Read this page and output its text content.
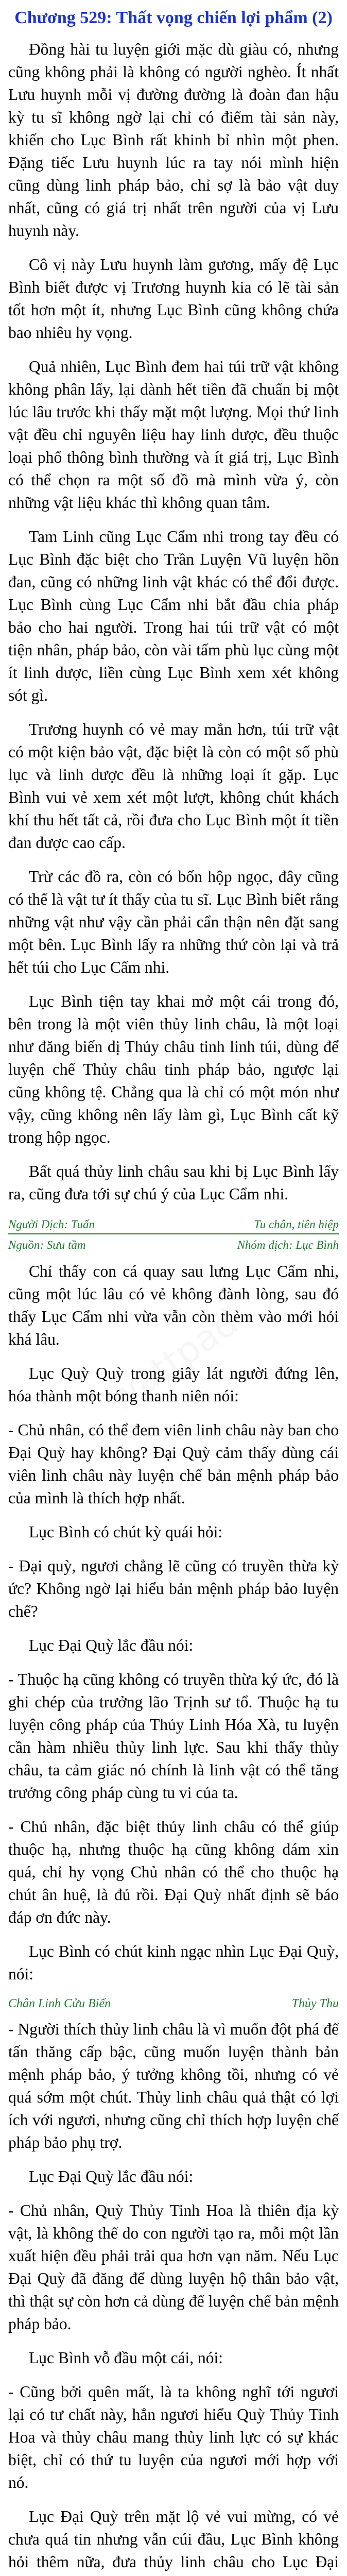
Chương 529: Thất vọng chiến lợi phẩm (2)

Đồng hài tu luyện giới mặc dù giàu có, nhưng cũng không phải là không có người nghèo. Ít nhất Lưu huynh mỗi vị đường đường là đoàn đan hậu kỳ tu sĩ không ngờ lại chỉ có điểm tài sản này, khiến cho Lục Bình rất khinh bỉ nhìn một phen. Đặng tiếc Lưu huynh lúc ra tay nói mình hiện cũng dùng linh pháp bảo, chỉ sợ là bảo vật duy nhất, cũng có giá trị nhất trên người của vị Lưu huynh này.

Cô vị này Lưu huynh làm gương, mấy đệ Lục Bình biết được vị Trương huynh kia có lẽ tài sản tốt hơn một ít, nhưng Lục Bình cũng không chứa bao nhiêu hy vọng.

Quả nhiên, Lục Bình đem hai túi trữ vật không không phân lấy, lại dành hết tiền đã chuẩn bị một lúc lâu trước khi thấy mặt một lượng. Mọi thứ linh vật đều chỉ nguyên liệu hay linh dược, đều thuộc loại phổ thông bình thường và ít giá trị, Lục Bình có thể chọn ra một số đồ mà mình vừa ý, còn những vật liệu khác thì không quan tâm.

Tam Linh cũng Lục Cẩm nhi trong tay đều có Lục Bình đặc biệt cho Trần Luyện Vũ luyện hồn đan, cũng có những linh vật khác có thể đổi được. Lục Bình cùng Lục Cẩm nhi bắt đầu chia pháp bảo cho hai người. Trong hai túi trữ vật có một tiện nhân, pháp bảo, còn vài tấm phù lục cùng một ít linh dược, liền cùng Lục Bình xem xét không sót gì.

Trương huynh có vẻ may mắn hơn, túi trữ vật có một kiện bảo vật, đặc biệt là còn có một số phù lục và linh dược đều là những loại ít gặp. Lục Bình vui vẻ xem xét một lượt, không chút khách khí thu hết tất cả, rồi đưa cho Lục Bình một ít tiền đan dược cao cấp.

Trừ các đồ ra, còn có bốn hộp ngọc, đây cũng có thể là vật tư ít thấy của tu sĩ. Lục Bình biết rằng những vật như vậy cần phải cẩn thận nên đặt sang một bên. Lục Bình lấy ra những thứ còn lại và trả hết túi cho Lục Cẩm nhi.

Lục Bình tiện tay khai mở một cái trong đó, bên trong là một viên thủy linh châu, là một loại như đăng biến dị Thủy châu tinh linh túi, dùng để luyện chế Thủy châu tinh pháp bảo, ngược lại cũng không tệ. Chẳng qua là chỉ có một món như vậy, cũng không nên lấy làm gì, Lục Bình cất kỹ trong hộp ngọc.

Bất quá thủy linh châu sau khi bị Lục Bình lấy ra, cũng đưa tới sự chú ý của Lục Cẩm nhi.

Người Dịch: Tuấn	Tu chân, tiên hiệp
Nguồn: Sưu tầm	Nhóm dịch: Lục Bình

Chỉ thấy con cá quay sau lưng Lục Cẩm nhi, cũng một lúc lâu có vẻ không đành lòng, sau đó thấy Lục Cẩm nhi vừa vẫn còn thèm vào mới hỏi khá lâu.

Lục Quỳ Quỳ trong giây lát người đứng lên, hóa thành một bóng thanh niên nói:

- Chủ nhân, có thể đem viên linh châu này ban cho Đại Quỳ hay không? Đại Quỳ cảm thấy dùng cái viên linh châu này luyện chế bản mệnh pháp bảo của mình là thích hợp nhất.

Lục Bình có chút kỳ quái hỏi:

- Đại quỳ, ngươi chẳng lẽ cũng có truyền thừa kỳ ức? Không ngờ lại hiểu bản mệnh pháp bảo luyện chế?

Lục Đại Quỳ lắc đầu nói:

- Thuộc hạ cũng không có truyền thừa ký ức, đó là ghi chép của trưởng lão Trịnh sư tổ. Thuộc hạ tu luyện công pháp của Thủy Linh Hóa Xà, tu luyện cần hàm nhiều thủy linh lực. Sau khi thấy thủy châu, ta cảm giác nó chính là linh vật có thể tăng trưởng công pháp cùng tu vi của ta.

- Chủ nhân, đặc biệt thủy linh châu có thể giúp thuộc hạ, nhưng thuộc hạ cũng không dám xin quá, chỉ hy vọng Chủ nhân có thể cho thuộc hạ chút ân huệ, là đủ rồi. Đại Quỳ nhất định sẽ báo đáp ơn đức này.

Lục Bình có chút kinh ngạc nhìn Lục Đại Quỳ, nói:

Chân Linh Cửu Biến	Thủy Thu

- Người thích thủy linh châu là vì muốn đột phá để tấn thăng cấp bậc, cũng muốn luyện thành bản mệnh pháp bảo, ý tưởng không tồi, nhưng có vẻ quá sớm một chút. Thủy linh châu quả thật có lợi ích với ngươi, nhưng cũng chỉ thích hợp luyện chế pháp bảo phụ trợ.

Lục Đại Quỳ lắc đầu nói:

- Chủ nhân, Quỳ Thủy Tinh Hoa là thiên địa kỳ vật, là không thể do con người tạo ra, mỗi một lần xuất hiện đều phải trải qua hơn vạn năm. Nếu Lục Đại Quỳ đã đăng để dùng luyện hộ thân bảo vật, thì thật sự còn hơn cả dùng để luyện chế bản mệnh pháp bảo.

Lục Bình vỗ đầu một cái, nói:

- Cũng bởi quên mất, là ta không nghĩ tới ngươi lại có tư chất này, hẳn ngươi hiểu Quỳ Thủy Tinh Hoa và thủy châu mang thủy linh lực có sự khác biệt, chỉ có thứ tu luyện của ngươi mới hợp với nó.

Lục Đại Quỳ trên mặt lộ vẻ vui mừng, có vẻ chưa quá tin nhưng vẫn cúi đầu, Lục Bình không hỏi thêm nữa, đưa thủy linh châu cho Lục Đại
